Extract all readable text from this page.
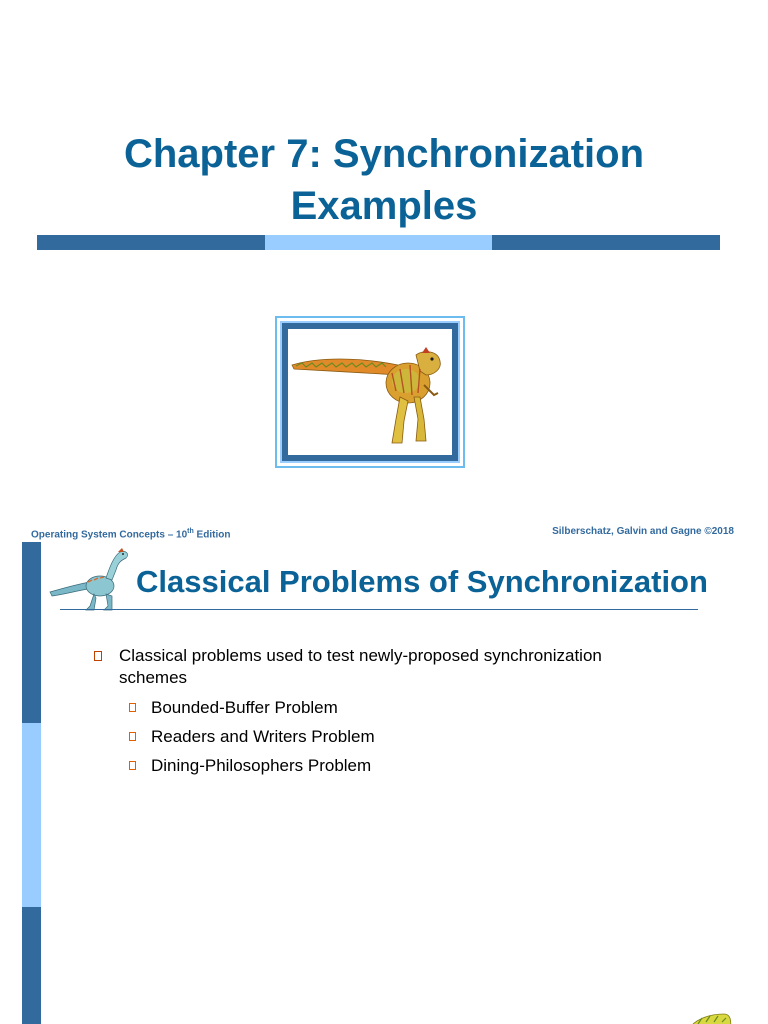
Chapter 7: Synchronization
Examples
Operating System Concepts – 10th Edition	Silberschatz, Galvin and Gagne ©2018
Classical Problems of Synchronization
Classical problems used to test newly-proposed synchronization schemes
Bounded-Buffer Problem
Readers and Writers Problem
Dining-Philosophers Problem
